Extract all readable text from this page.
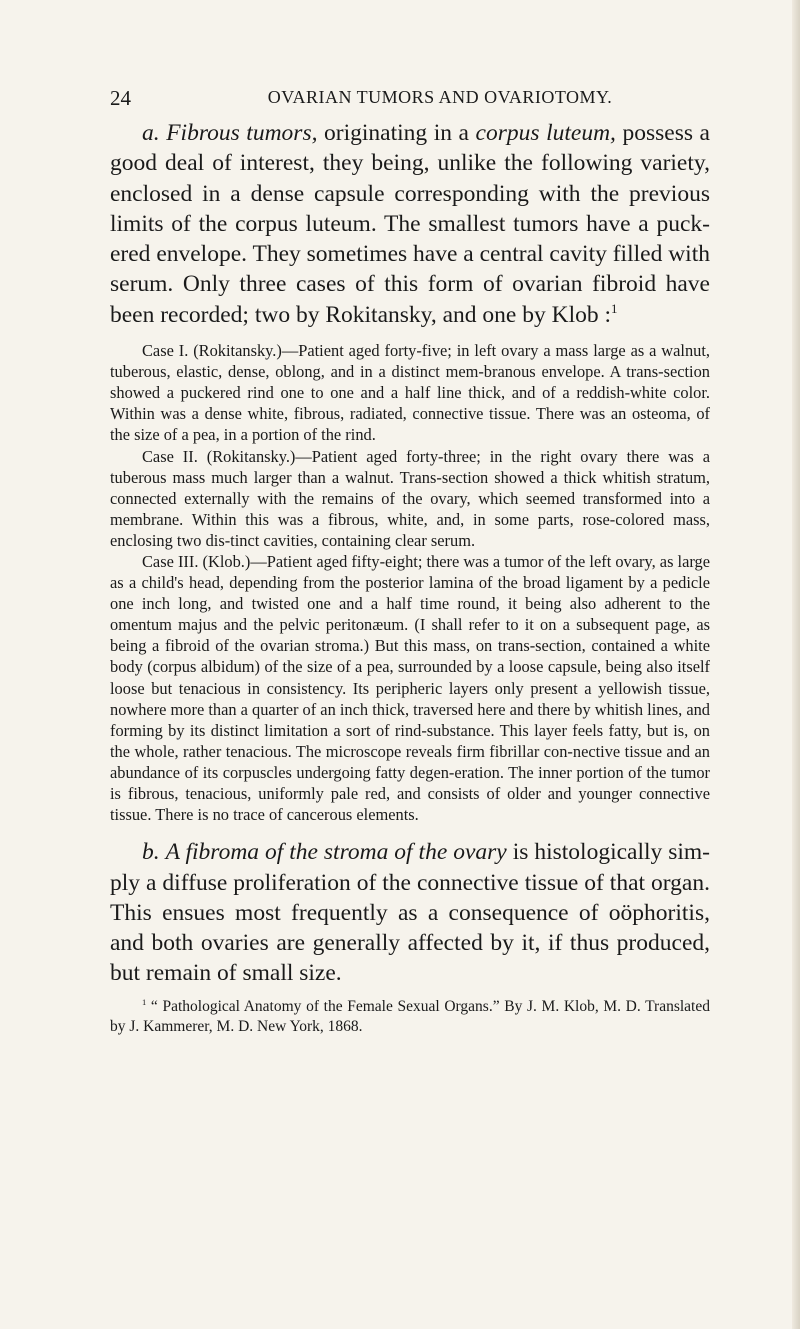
24	OVARIAN TUMORS AND OVARIOTOMY.

a. Fibrous tumors, originating in a corpus luteum, possess a good deal of interest, they being, unlike the following variety, enclosed in a dense capsule corresponding with the previous limits of the corpus luteum. The smallest tumors have a puck-ered envelope. They sometimes have a central cavity filled with serum. Only three cases of this form of ovarian fibroid have been recorded; two by Rokitansky, and one by Klob :$^1$

Case I. (Rokitansky.)—Patient aged forty-five; in left ovary a mass large as a walnut, tuberous, elastic, dense, oblong, and in a distinct mem-branous envelope. A trans-section showed a puckered rind one to one and a half line thick, and of a reddish-white color. Within was a dense white, fibrous, radiated, connective tissue. There was an osteoma, of the size of a pea, in a portion of the rind.

Case II. (Rokitansky.)—Patient aged forty-three; in the right ovary there was a tuberous mass much larger than a walnut. Trans-section showed a thick whitish stratum, connected externally with the remains of the ovary, which seemed transformed into a membrane. Within this was a fibrous, white, and, in some parts, rose-colored mass, enclosing two dis-tinct cavities, containing clear serum.

Case III. (Klob.)—Patient aged fifty-eight; there was a tumor of the left ovary, as large as a child's head, depending from the posterior lamina of the broad ligament by a pedicle one inch long, and twisted one and a half time round, it being also adherent to the omentum majus and the pelvic peritonæum. (I shall refer to it on a subsequent page, as being a fibroid of the ovarian stroma.) But this mass, on trans-section, contained a white body (corpus albidum) of the size of a pea, surrounded by a loose capsule, being also itself loose but tenacious in consistency. Its peripheric layers only present a yellowish tissue, nowhere more than a quarter of an inch thick, traversed here and there by whitish lines, and forming by its distinct limitation a sort of rind-substance. This layer feels fatty, but is, on the whole, rather tenacious. The microscope reveals firm fibrillar con-nective tissue and an abundance of its corpuscles undergoing fatty degen-eration. The inner portion of the tumor is fibrous, tenacious, uniformly pale red, and consists of older and younger connective tissue. There is no trace of cancerous elements.

b. A fibroma of the stroma of the ovary is histologically sim-ply a diffuse proliferation of the connective tissue of that organ. This ensues most frequently as a consequence of oöphoritis, and both ovaries are generally affected by it, if thus produced, but remain of small size.

$^1$ “ Pathological Anatomy of the Female Sexual Organs.” By J. M. Klob, M. D. Translated by J. Kammerer, M. D. New York, 1868.
